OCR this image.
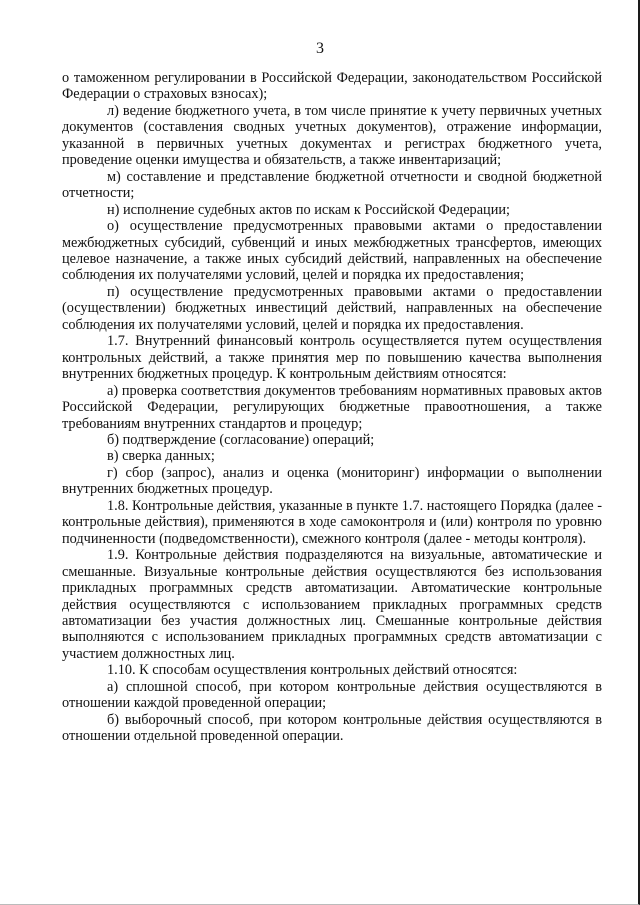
3

о таможенном регулировании в Российской Федерации, законодательством Российской Федерации о страховых взносах);

л) ведение бюджетного учета, в том числе принятие к учету первичных учетных документов (составления сводных учетных документов), отражение информации, указанной в первичных учетных документах и регистрах бюджетного учета, проведение оценки имущества и обязательств, а также инвентаризаций;

м) составление и представление бюджетной отчетности и сводной бюджетной отчетности;

н) исполнение судебных актов по искам к Российской Федерации;

о) осуществление предусмотренных правовыми актами о предоставлении межбюджетных субсидий, субвенций и иных межбюджетных трансфертов, имеющих целевое назначение, а также иных субсидий действий, направленных на обеспечение соблюдения их получателями условий, целей и порядка их предоставления;

п) осуществление предусмотренных правовыми актами о предоставлении (осуществлении) бюджетных инвестиций действий, направленных на обеспечение соблюдения их получателями условий, целей и порядка их предоставления.

1.7. Внутренний финансовый контроль осуществляется путем осуществления контрольных действий, а также принятия мер по повышению качества выполнения внутренних бюджетных процедур. К контрольным действиям относятся:

а) проверка соответствия документов требованиям нормативных правовых актов Российской Федерации, регулирующих бюджетные правоотношения, а также требованиям внутренних стандартов и процедур;

б) подтверждение (согласование) операций;

в) сверка данных;

г) сбор (запрос), анализ и оценка (мониторинг) информации о выполнении внутренних бюджетных процедур.

1.8. Контрольные действия, указанные в пункте 1.7. настоящего Порядка (далее - контрольные действия), применяются в ходе самоконтроля и (или) контроля по уровню подчиненности (подведомственности), смежного контроля (далее - методы контроля).

1.9. Контрольные действия подразделяются на визуальные, автоматические и смешанные. Визуальные контрольные действия осуществляются без использования прикладных программных средств автоматизации. Автоматические контрольные действия осуществляются с использованием прикладных программных средств автоматизации без участия должностных лиц. Смешанные контрольные действия выполняются с использованием прикладных программных средств автоматизации с участием должностных лиц.

1.10. К способам осуществления контрольных действий относятся:

а) сплошной способ, при котором контрольные действия осуществляются в отношении каждой проведенной операции;

б) выборочный способ, при котором контрольные действия осуществляются в отношении отдельной проведенной операции.
